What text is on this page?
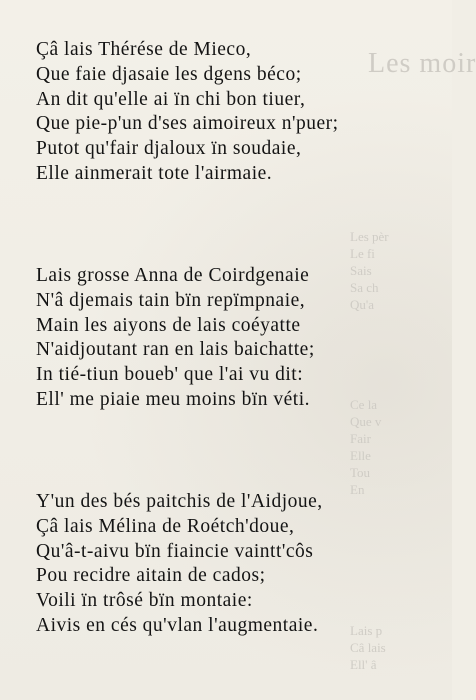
Les moir
Les pèr
Le fi
Sais
Sa ch
Qu'a
Ce la
Que v
Fair
Elle
Tou
En
Lais p
Câ lais
Ell' â
Çâ lais Thérése de Mieco,
Que faie djasaie les dgens béco;
An dit qu'elle ai ïn chi bon tiuer,
Que pie-p'un d'ses aimoireux n'puer;
Putot qu'fair djaloux ïn soudaie,
Elle ainmerait tote l'airmaie.
Lais grosse Anna de Coirdgenaie
N'â djemais tain bïn repïmpnaie,
Main les aiyons de lais coéyatte
N'aidjoutant ran en lais baichatte;
In tié-tiun boueb' que l'ai vu dit:
Ell' me piaie meu moins bïn véti.
Y'un des bés paitchis de l'Aidjoue,
Çâ lais Mélina de Roétch'doue,
Qu'â-t-aivu bïn fiaincie vaintt'côs
Pou recidre aitain de cados;
Voili ïn trôsé bïn montaie:
Aivis en cés qu'vlan l'augmentaie.
